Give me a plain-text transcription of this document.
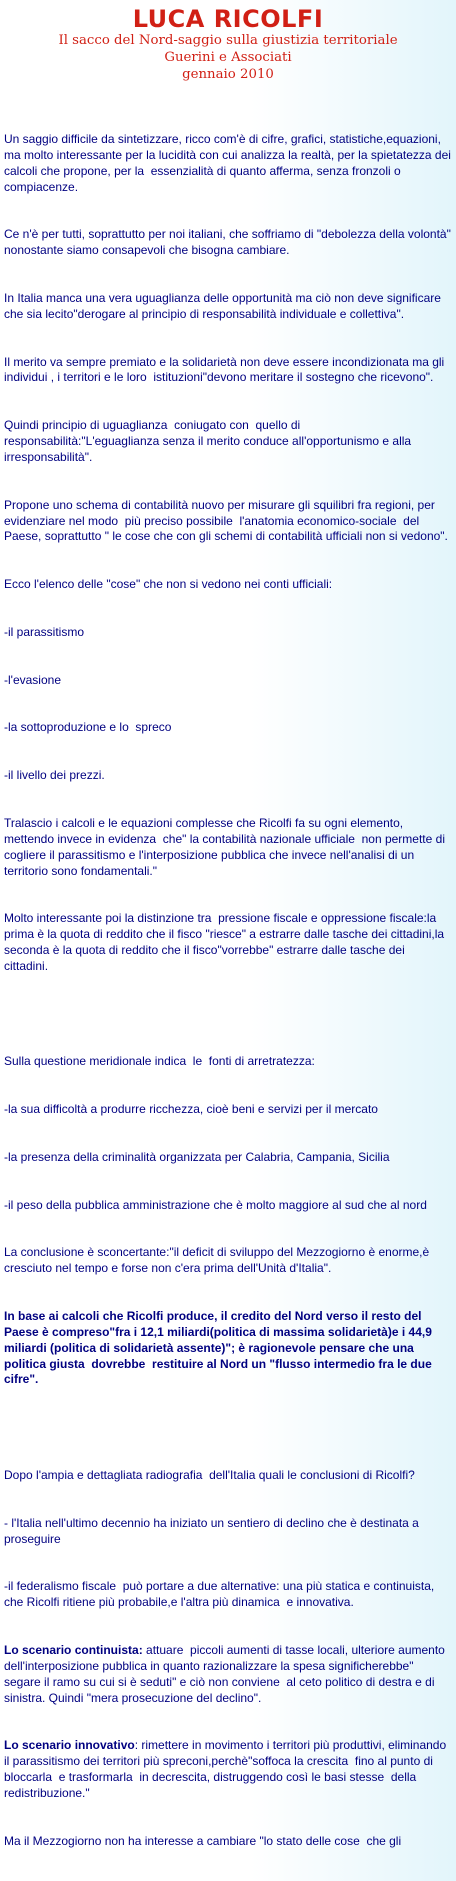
LUCA RICOLFI
Il sacco del Nord-saggio sulla giustizia territoriale
Guerini e Associati
gennaio 2010

Un saggio difficile da sintetizzare, ricco com'è di cifre, grafici, statistiche,equazioni, ma molto interessante per la lucidità con cui analizza la realtà, per la spietatezza dei calcoli che propone, per la  essenzialità di quanto afferma, senza fronzoli o compiacenze.

Ce n'è per tutti, soprattutto per noi italiani, che soffriamo di "debolezza della volontà" nonostante siamo consapevoli che bisogna cambiare.

In Italia manca una vera uguaglianza delle opportunità ma ciò non deve significare   che sia lecito"derogare al principio di responsabilità individuale e collettiva".

Il merito va sempre premiato e la solidarietà non deve essere incondizionata ma gli individui , i territori e le loro  istituzioni"devono meritare il sostegno che ricevono".

Quindi principio di uguaglianza  coniugato con  quello di responsabilità:"L'eguaglianza senza il merito conduce all'opportunismo e alla irresponsabilità".

Propone uno schema di contabilità nuovo per misurare gli squilibri fra regioni, per evidenziare nel modo  più preciso possibile  l'anatomia economico-sociale  del Paese, soprattutto " le cose che con gli schemi di contabilità ufficiali non si vedono".

Ecco l'elenco delle "cose" che non si vedono nei conti ufficiali:

-il parassitismo

-l'evasione

-la sottoproduzione e lo  spreco

-il livello dei prezzi.

Tralascio i calcoli e le equazioni complesse che Ricolfi fa su ogni elemento, mettendo invece in evidenza  che" la contabilità nazionale ufficiale  non permette di cogliere il parassitismo e l'interposizione pubblica che invece nell'analisi di un territorio sono fondamentali."

Molto interessante poi la distinzione tra  pressione fiscale e oppressione fiscale:la prima è la quota di reddito che il fisco "riesce" a estrarre dalle tasche dei cittadini,la seconda è la quota di reddito che il fisco"vorrebbe" estrarre dalle tasche dei cittadini.

Sulla questione meridionale indica  le  fonti di arretratezza:

-la sua difficoltà a produrre ricchezza, cioè beni e servizi per il mercato

-la presenza della criminalità organizzata per Calabria, Campania, Sicilia

-il peso della pubblica amministrazione che è molto maggiore al sud che al nord

La conclusione è sconcertante:"il deficit di sviluppo del Mezzogiorno è enorme,è cresciuto nel tempo e forse non c'era prima dell'Unità d'Italia".

In base ai calcoli che Ricolfi produce, il credito del Nord verso il resto del Paese è compreso"fra i 12,1 miliardi(politica di massima solidarietà)e i 44,9 miliardi (politica di solidarietà assente)"; è ragionevole pensare che una politica giusta  dovrebbe  restituire al Nord un "flusso intermedio fra le due cifre".

Dopo l'ampia e dettagliata radiografia  dell'Italia quali le conclusioni di Ricolfi?

- l'Italia nell'ultimo decennio ha iniziato un sentiero di declino che è destinata a proseguire

-il federalismo fiscale  può portare a due alternative: una più statica e continuista, che Ricolfi ritiene più probabile,e l'altra più dinamica  e innovativa.

Lo scenario continuista: attuare  piccoli aumenti di tasse locali, ulteriore aumento dell'interposizione pubblica in quanto razionalizzare la spesa significherebbe" segare il ramo su cui si è seduti" e ciò non conviene  al ceto politico di destra e di sinistra. Quindi "mera prosecuzione del declino".

Lo scenario innovativo: rimettere in movimento i territori più produttivi, eliminando il parassitismo dei territori più spreconi,perchè"soffoca la crescita  fino al punto di bloccarla  e trasformarla  in decrescita, distruggendo così le basi stesse  della redistribuzione."

Ma il Mezzogiorno non ha interesse a cambiare "lo stato delle cose  che gli
